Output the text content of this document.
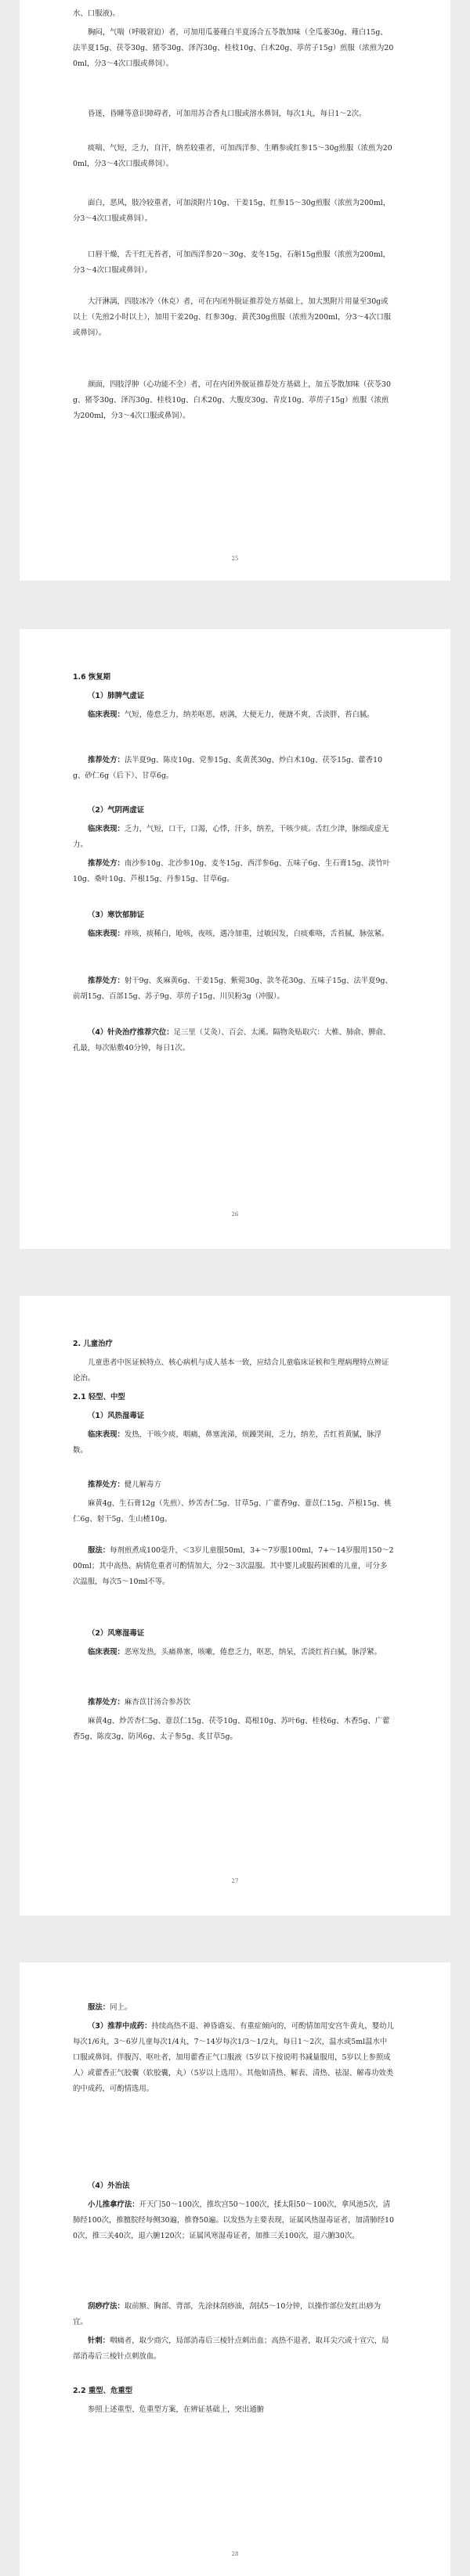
水、口服液)。
胸闷，气喘（呼吸窘迫）者，可加用瓜蒌薤白半夏汤合五苓散加味（全瓜蒌30g、薤白15g、法半夏15g、茯苓30g、猪苓30g、泽泻30g、桂枝10g、白术20g、葶苈子15g）煎服（浓煎为200ml，分3～4次口服或鼻饲）。
昏迷，昏睡等意识障碍者，可加用苏合香丸口服或溶水鼻饲，每次1丸，每日1～2次。
痰喘、气短，乏力，自汗，纳差较重者，可加西洋参、生晒参或红参15～30g煎服（浓煎为200ml，分3～4次口服或鼻饲）。
面白，恶风，肢冷较重者，可加淡附片10g、干姜15g、红参15～30g煎服（浓煎为200ml，分3～4次口服或鼻饲）。
口唇干燥，舌干红无苔者，可加西洋参20～30g、麦冬15g、石斛15g煎服（浓煎为200ml，分3～4次口服或鼻饲）。
大汗淋漓，四肢冰冷（休克）者，可在内闭外脱证推荐处方基础上，加大黑附片用量至30g或以上（先煎2小时以上），加用干姜20g、红参30g、黄芪30g煎服（浓煎为200ml，分3～4次口服或鼻饲）。
颜面，四肢浮肿（心功能不全）者，可在内闭外脱证推荐处方基础上，加五苓散加味（茯苓30g、猪苓30g、泽泻30g、桂枝10g、白术20g、大腹皮30g、青皮10g、葶苈子15g）煎服（浓煎为200ml，分3～4次口服或鼻饲）。
25
1.6 恢复期
（1）肺脾气虚证
临床表现：气短，倦怠乏力，纳差呕恶，痞满，大便无力，便溏不爽，舌淡胖，苔白腻。
推荐处方：法半夏9g、陈皮10g、党参15g、炙黄芪30g、炒白术10g、茯苓15g、藿香10g、砂仁6g（后下）、甘草6g。
（2）气阴两虚证
临床表现：乏力，气短，口干，口渴，心悸，汗多，纳差，干咳少痰。舌红少津，脉细或虚无力。
推荐处方：南沙参10g、北沙参10g、麦冬15g、西洋参6g、五味子6g、生石膏15g、淡竹叶10g、桑叶10g、芦根15g、丹参15g、甘草6g。
（3）寒饮郁肺证
临床表现：痒咳，痰稀白，呛咳，夜咳，遇冷加重，过敏因发，白痰难咯，舌苔腻，脉弦紧。
推荐处方：射干9g、炙麻黄6g、干姜15g、紫菀30g、款冬花30g、五味子15g、法半夏9g、前胡15g、百部15g、苏子9g、葶苈子15g、川贝粉3g（冲服）。
（4）针灸治疗推荐穴位：足三里（艾灸）、百会、太溪。隔物灸贴取穴：大椎、肺俞、脾俞、孔最，每次贴敷40分钟，每日1次。
26
2. 儿童治疗
儿童患者中医证候特点、核心病机与成人基本一致，应结合儿童临床证候和生理病理特点辨证论治。
2.1 轻型、中型
（1）风热湿毒证
临床表现：发热，干咳少痰，咽痛，鼻塞流涕，烦躁哭闹，乏力，纳差，舌红苔黄腻，脉浮数。
推荐处方：健儿解毒方
麻黄4g、生石膏12g（先煎）、炒苦杏仁5g、甘草5g、广藿香9g、薏苡仁15g、芦根15g、桃仁6g、射干5g、生山楂10g。
服法：每剂煎煮成100毫升，＜3岁儿童服50ml，3+～7岁服100ml，7+～14岁服用150～200ml；其中高热、病情危重者可酌情加大，分2～3次温服。其中婴儿或服药困难的儿童，可分多次温服，每次5～10ml不等。
（2）风寒湿毒证
临床表现：恶寒发热，头痛鼻塞，咳嗽，倦怠乏力，呕恶，纳呆，舌淡红苔白腻，脉浮紧。
推荐处方：麻杏苡甘汤合参苏饮
麻黄4g、炒苦杏仁5g、薏苡仁15g、茯苓10g、葛根10g、苏叶6g、桂枝6g、木香5g、广藿香5g、陈皮3g、防风6g、太子参5g、炙甘草5g。
27
服法：同上。
（3）推荐中成药：持续高热不退、神昏谵妄、有重症倾向的，可酌情加用安宫牛黄丸，婴幼儿每次1/6丸，3～6岁儿童每次1/4丸，7～14岁每次1/3～1/2丸，每日1～2次，温水或5ml温水中口服或鼻饲。伴腹泻、呕吐者，加用藿香正气口服液（5岁以下按说明书减量服用，5岁以上参照成人）或藿香正气胶囊（软胶囊，丸）（5岁以上选用）。其他如清热、解表、清热、祛湿、解毒功效类的中成药，可酌情选用。
（4）外治法
小儿推拿疗法：开天门50～100次，推坎宫50～100次，揉太阳50～100次，拿风池5次，清肺经100次，推膻脘经每侧30遍，推脊50遍。以发热为主要表现，证属风热湿毒证者，加清肺经100次，推三关40次，退六腑120次；证属风寒湿毒证者，加推三关100次，退六腑30次。
刮痧疗法：取前额、胸部、背部，先涂抹刮痧油，刮拭5～10分钟，以操作部位发红出痧为宜。
针刺：咽痛者，取少商穴，局部消毒后三棱针点刺出血；高热不退者，取耳尖穴或十宣穴，局部消毒后三棱针点刺放血。
2.2 重型、危重型
参照上述重型、危重型方案，在辨证基础上，突出通腑
28
